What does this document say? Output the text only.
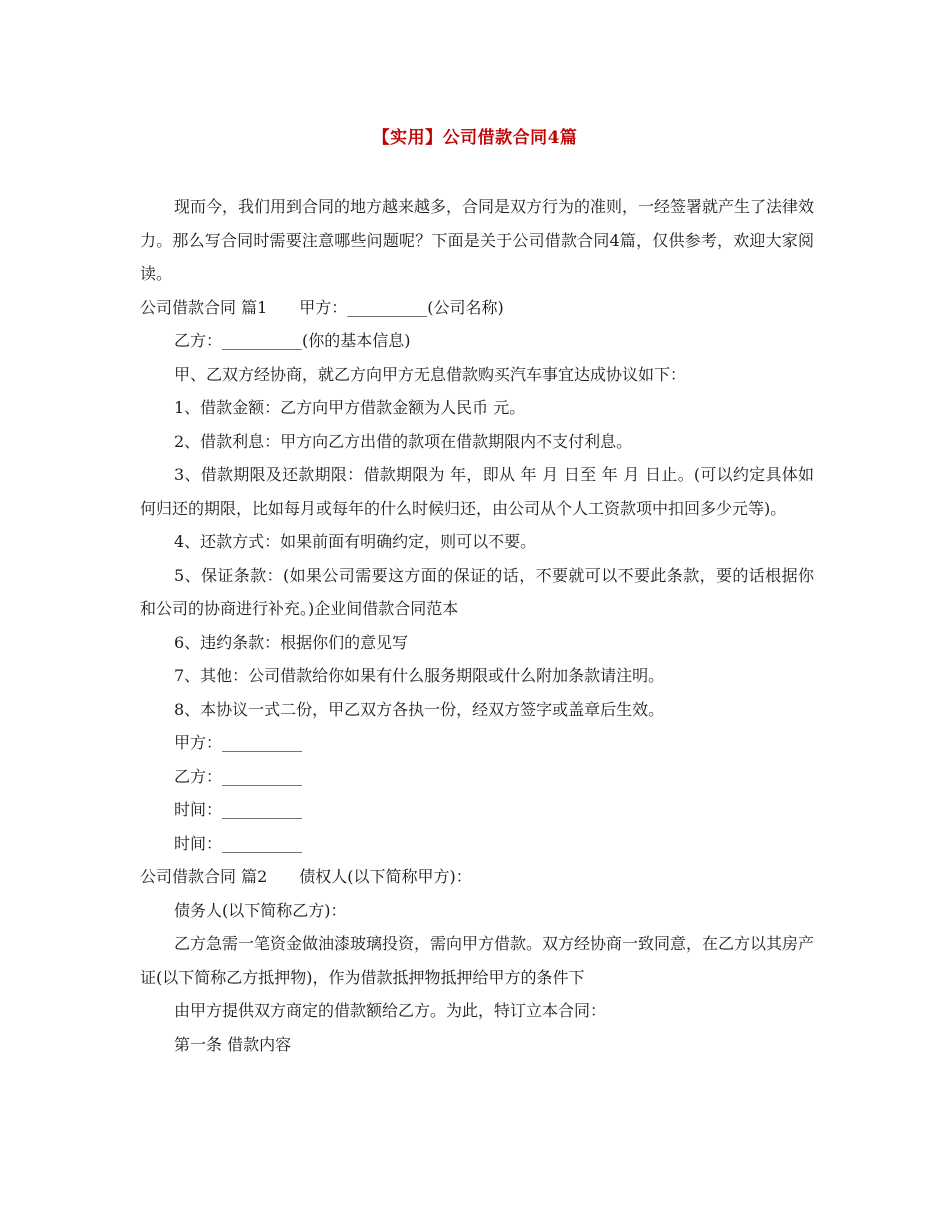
【实用】公司借款合同4篇

现而今，我们用到合同的地方越来越多，合同是双方行为的准则，一经签署就产生了法律效力。那么写合同时需要注意哪些问题呢？下面是关于公司借款合同4篇，仅供参考，欢迎大家阅读。

公司借款合同 篇1　　甲方：__________(公司名称)

乙方：__________(你的基本信息)

甲、乙双方经协商，就乙方向甲方无息借款购买汽车事宜达成协议如下：

1、借款金额：乙方向甲方借款金额为人民币 元。

2、借款利息：甲方向乙方出借的款项在借款期限内不支付利息。

3、借款期限及还款期限：借款期限为 年，即从 年 月 日至 年 月 日止。(可以约定具体如何归还的期限，比如每月或每年的什么时候归还，由公司从个人工资款项中扣回多少元等)。

4、还款方式：如果前面有明确约定，则可以不要。

5、保证条款：(如果公司需要这方面的保证的话，不要就可以不要此条款，要的话根据你和公司的协商进行补充。)企业间借款合同范本

6、违约条款：根据你们的意见写

7、其他：公司借款给你如果有什么服务期限或什么附加条款请注明。

8、本协议一式二份，甲乙双方各执一份，经双方签字或盖章后生效。

甲方：__________

乙方：__________

时间：__________

时间：__________

公司借款合同 篇2　　债权人(以下简称甲方)：

债务人(以下简称乙方)：

乙方急需一笔资金做油漆玻璃投资，需向甲方借款。双方经协商一致同意，在乙方以其房产证(以下简称乙方抵押物)，作为借款抵押物抵押给甲方的条件下

由甲方提供双方商定的借款额给乙方。为此，特订立本合同：

第一条 借款内容
